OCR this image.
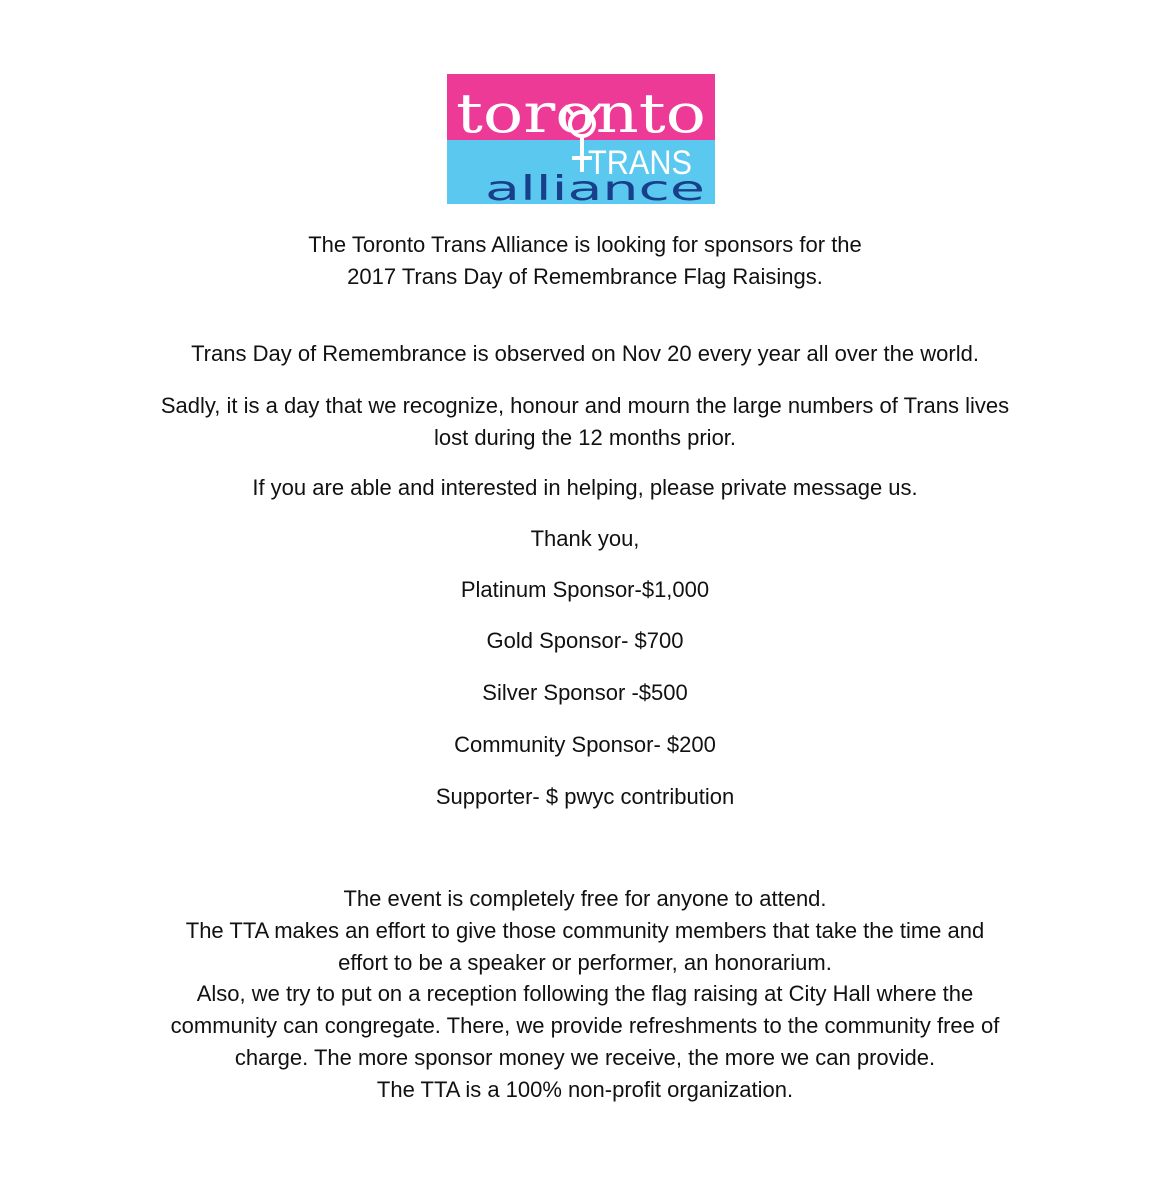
toronto
TRANS
alliance
The Toronto Trans Alliance is looking for sponsors for the
2017 Trans Day of Remembrance Flag Raisings.
Trans Day of Remembrance is observed on Nov 20 every year all over the world.
Sadly, it is a day that we recognize, honour and mourn the large numbers of Trans lives
lost during the 12 months prior.
If you are able and interested in helping, please private message us.
Thank you,
Platinum Sponsor-$1,000
Gold Sponsor- $700
Silver Sponsor -$500
Community Sponsor- $200
Supporter- $ pwyc contribution

The event is completely free for anyone to attend.

The TTA makes an effort to give those community members that take the time and

effort to be a speaker or performer, an honorarium.

Also, we try to put on a reception following the flag raising at City Hall where the

community can congregate. There, we provide refreshments to the community free of

charge. The more sponsor money we receive, the more we can provide.

The TTA is a 100% non-profit organization.
